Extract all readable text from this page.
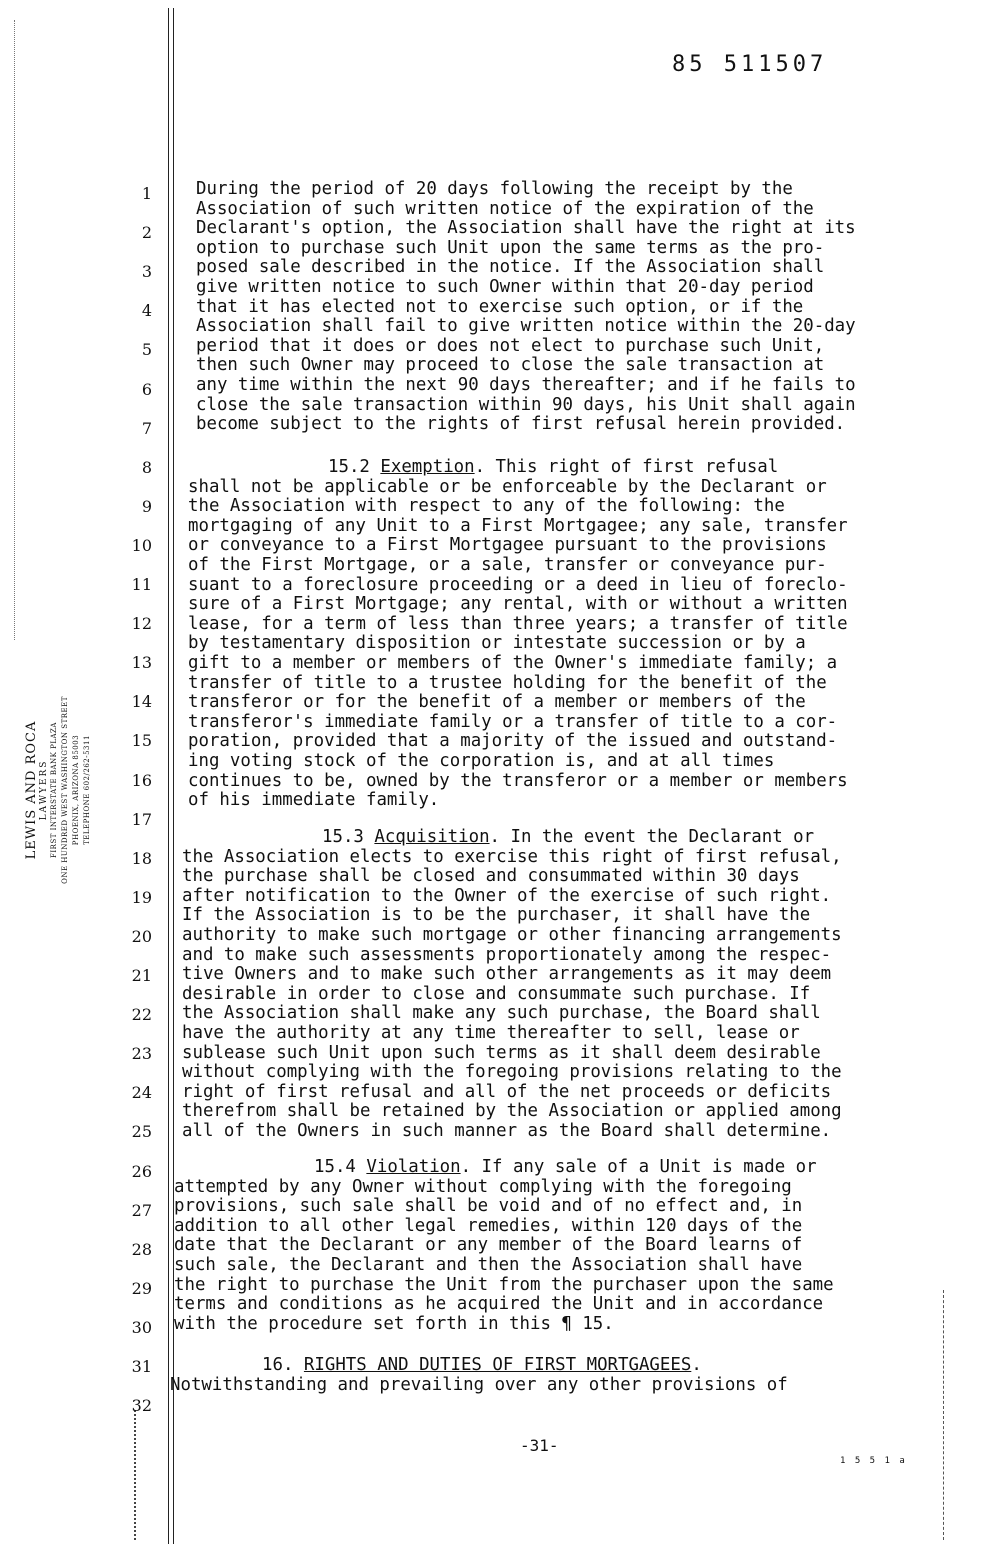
85 511507
1
2
3
4
5
6
7
8
9
10
11
12
13
14
15
16
17
18
19
20
21
22
23
24
25
26
27
28
29
30
31
32
LEWIS AND ROCA LAWYERS FIRST INTERSTATE BANK PLAZA ONE HUNDRED WEST WASHINGTON STREET PHOENIX, ARIZONA 85003 TELEPHONE 602/262-5311
During the period of 20 days following the receipt by the
Association of such written notice of the expiration of the
Declarant's option, the Association shall have the right at its
option to purchase such Unit upon the same terms as the pro-
posed sale described in the notice. If the Association shall
give written notice to such Owner within that 20-day period
that it has elected not to exercise such option, or if the
Association shall fail to give written notice within the 20-day
period that it does or does not elect to purchase such Unit,
then such Owner may proceed to close the sale transaction at
any time within the next 90 days thereafter; and if he fails to
close the sale transaction within 90 days, his Unit shall again
become subject to the rights of first refusal herein provided.
15.2 Exemption. This right of first refusal
shall not be applicable or be enforceable by the Declarant or
the Association with respect to any of the following: the
mortgaging of any Unit to a First Mortgagee; any sale, transfer
or conveyance to a First Mortgagee pursuant to the provisions
of the First Mortgage, or a sale, transfer or conveyance pur-
suant to a foreclosure proceeding or a deed in lieu of foreclo-
sure of a First Mortgage; any rental, with or without a written
lease, for a term of less than three years; a transfer of title
by testamentary disposition or intestate succession or by a
gift to a member or members of the Owner's immediate family; a
transfer of title to a trustee holding for the benefit of the
transferor or for the benefit of a member or members of the
transferor's immediate family or a transfer of title to a cor-
poration, provided that a majority of the issued and outstand-
ing voting stock of the corporation is, and at all times
continues to be, owned by the transferor or a member or members
of his immediate family.
15.3 Acquisition. In the event the Declarant or
the Association elects to exercise this right of first refusal,
the purchase shall be closed and consummated within 30 days
after notification to the Owner of the exercise of such right.
If the Association is to be the purchaser, it shall have the
authority to make such mortgage or other financing arrangements
and to make such assessments proportionately among the respec-
tive Owners and to make such other arrangements as it may deem
desirable in order to close and consummate such purchase. If
the Association shall make any such purchase, the Board shall
have the authority at any time thereafter to sell, lease or
sublease such Unit upon such terms as it shall deem desirable
without complying with the foregoing provisions relating to the
right of first refusal and all of the net proceeds or deficits
therefrom shall be retained by the Association or applied among
all of the Owners in such manner as the Board shall determine.
15.4 Violation. If any sale of a Unit is made or
attempted by any Owner without complying with the foregoing
provisions, such sale shall be void and of no effect and, in
addition to all other legal remedies, within 120 days of the
date that the Declarant or any member of the Board learns of
such sale, the Declarant and then the Association shall have
the right to purchase the Unit from the purchaser upon the same
terms and conditions as he acquired the Unit and in accordance
with the procedure set forth in this ¶ 15.
16. RIGHTS AND DUTIES OF FIRST MORTGAGEES.
Notwithstanding and prevailing over any other provisions of
-31-
1 5 5 1 a
